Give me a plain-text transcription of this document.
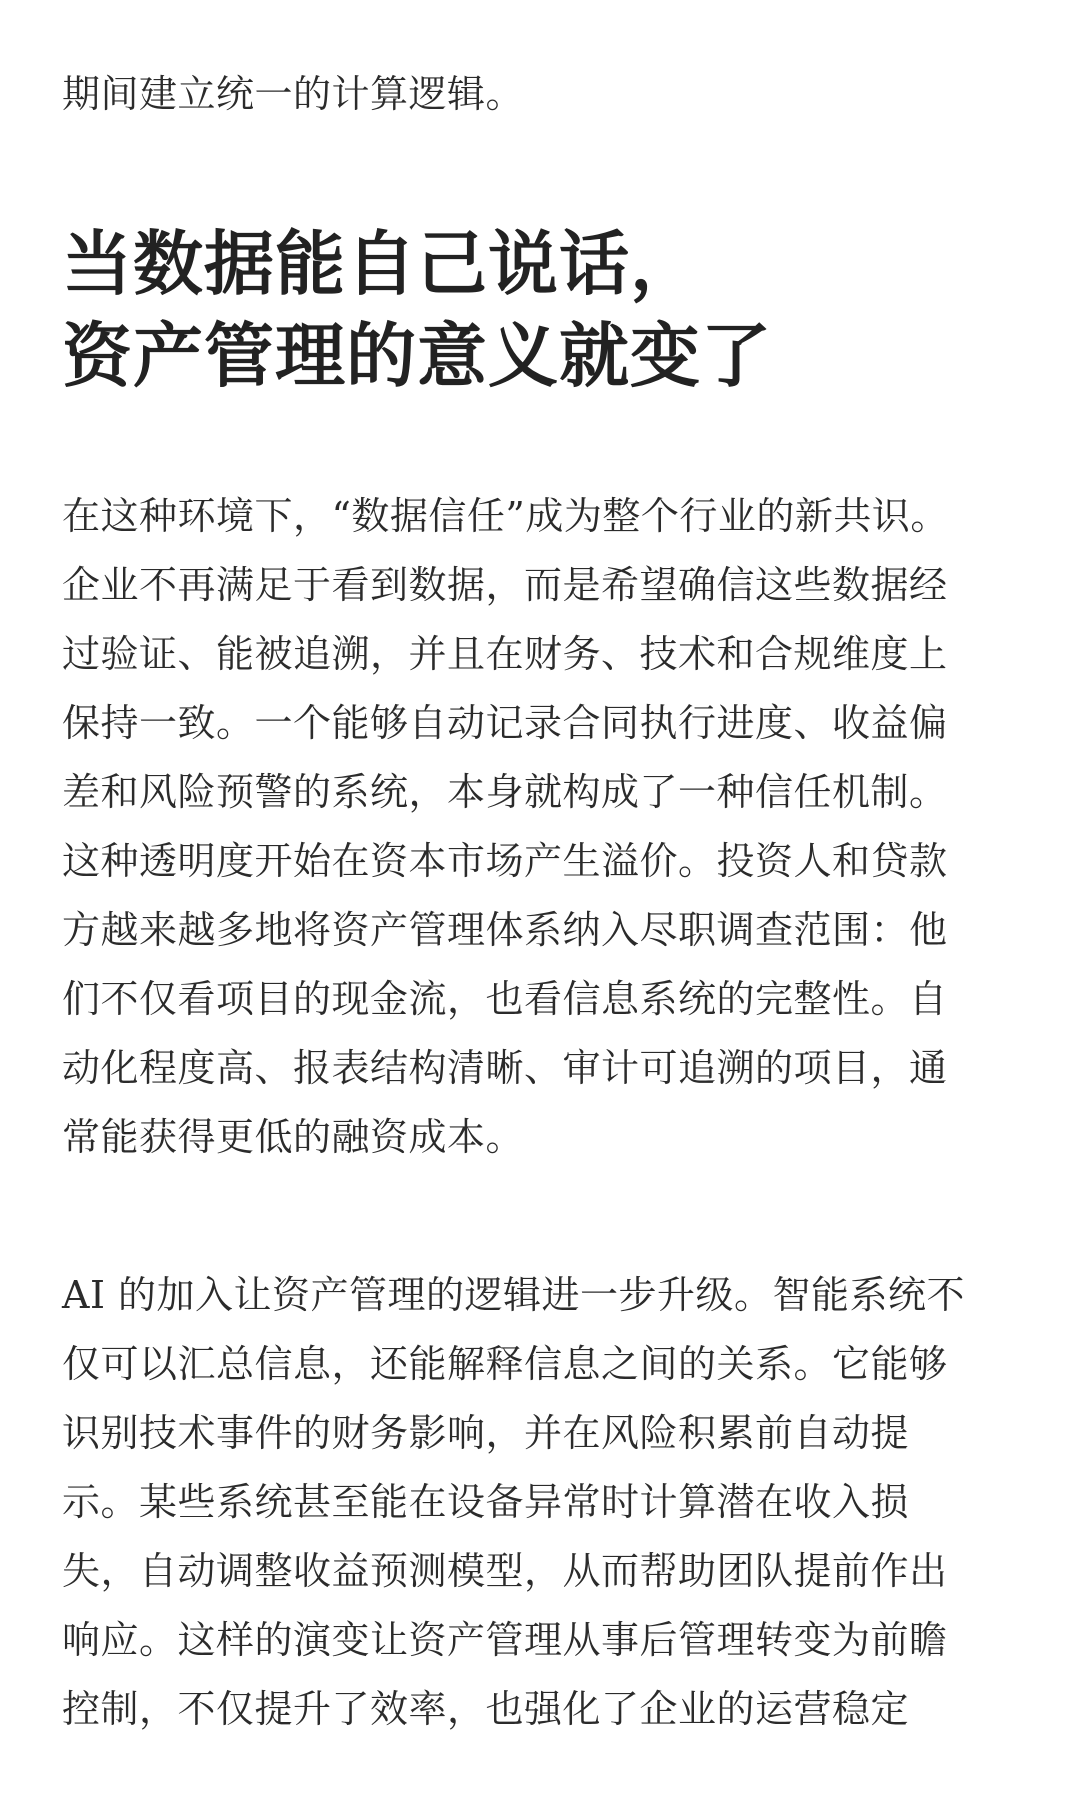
期间建立统一的计算逻辑。
当数据能自己说话，
资产管理的意义就变了

在这种环境下，“数据信任”成为整个行业的新共识。
企业不再满足于看到数据，而是希望确信这些数据经
过验证、能被追溯，并且在财务、技术和合规维度上
保持一致。一个能够自动记录合同执行进度、收益偏
差和风险预警的系统，本身就构成了一种信任机制。
这种透明度开始在资本市场产生溢价。投资人和贷款
方越来越多地将资产管理体系纳入尽职调查范围：他
们不仅看项目的现金流，也看信息系统的完整性。自
动化程度高、报表结构清晰、审计可追溯的项目，通
常能获得更低的融资成本。

AI 的加入让资产管理的逻辑进一步升级。智能系统不
仅可以汇总信息，还能解释信息之间的关系。它能够
识别技术事件的财务影响，并在风险积累前自动提
示。某些系统甚至能在设备异常时计算潜在收入损
失，自动调整收益预测模型，从而帮助团队提前作出
响应。这样的演变让资产管理从事后管理转变为前瞻
控制，不仅提升了效率，也强化了企业的运营稳定
